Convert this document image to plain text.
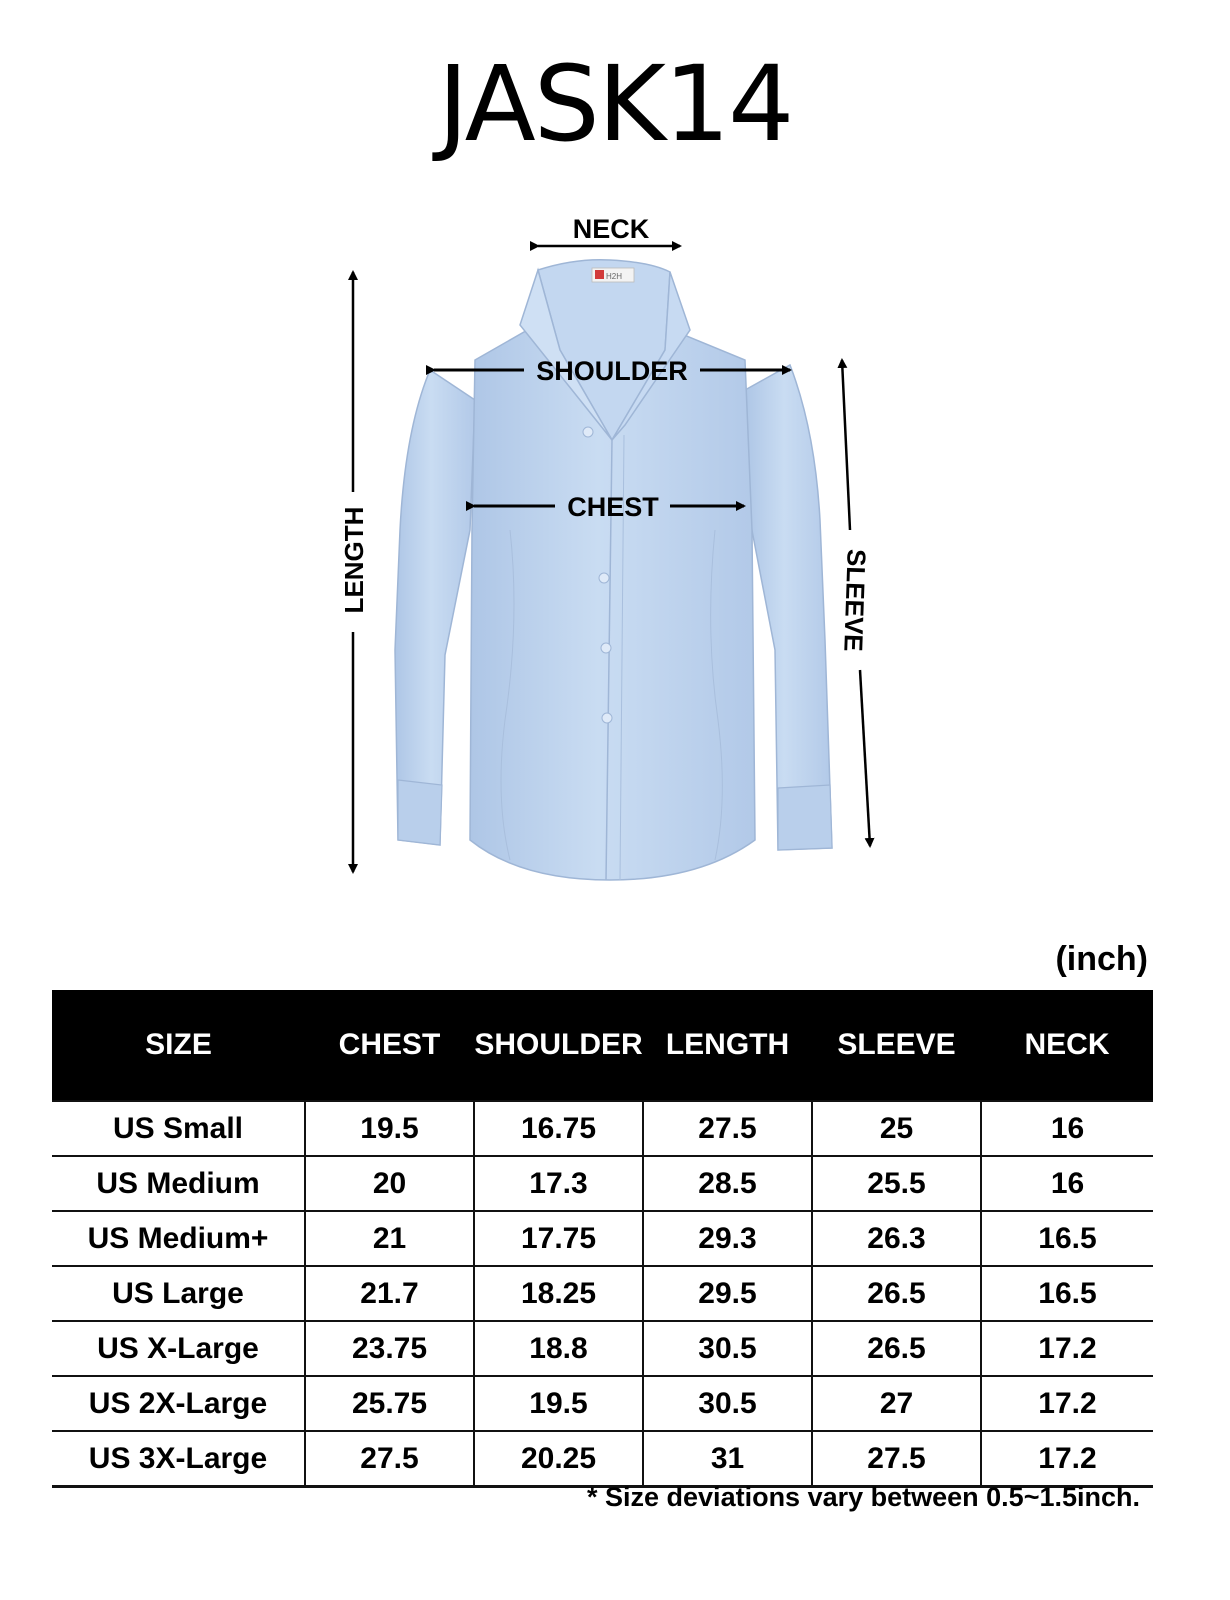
JASK14
H2H
NECK
SHOULDER
CHEST
LENGTH	SLEEVE
(inch)
SIZE	CHEST	SHOULDER	LENGTH	SLEEVE	NECK
US Small	19.5	16.75	27.5	25	16
US Medium	20	17.3	28.5	25.5	16
US Medium+	21	17.75	29.3	26.3	16.5
US Large	21.7	18.25	29.5	26.5	16.5
US X-Large	23.75	18.8	30.5	26.5	17.2
US 2X-Large	25.75	19.5	30.5	27	17.2
US 3X-Large	27.5	20.25	31	27.5	17.2
* Size deviations vary between 0.5~1.5inch.
